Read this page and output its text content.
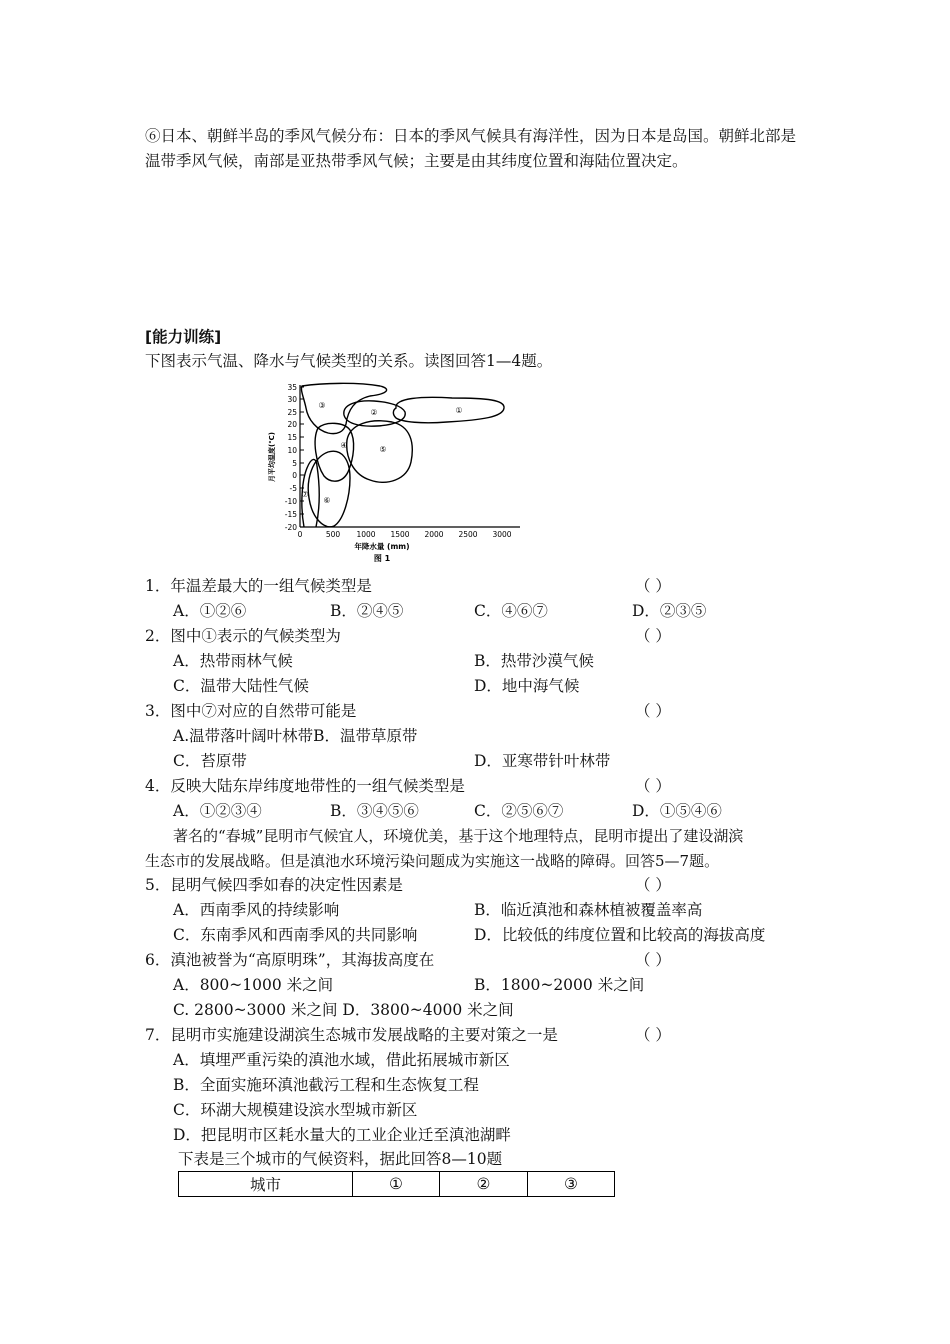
⑥日本、朝鲜半岛的季风气候分布：日本的季风气候具有海洋性，因为日本是岛国。朝鲜北部是温带季风气候，南部是亚热带季风气候；主要是由其纬度位置和海陆位置决定。
[能力训练]
下图表示气温、降水与气候类型的关系。读图回答1—4题。
35
30
25
20
15
10
5
0
-5
-10
-15
-20
0	500 1000 1500 2000 2500 3000
年降水量 (mm)
图 1
月平均温度(℃)
①
②
③
④	⑤
⑥
⑦
1．年温差最大的一组气候类型是	（ ）
A．①②⑥	B．②④⑤	C．④⑥⑦	D．②③⑤
2．图中①表示的气候类型为	（ ）
A．热带雨林气候	B．热带沙漠气候
C．温带大陆性气候	D．地中海气候
3．图中⑦对应的自然带可能是	（ ）
A.温带落叶阔叶林带B．温带草原带
C．苔原带	D．亚寒带针叶林带
4．反映大陆东岸纬度地带性的一组气候类型是	（ ）
A．①②③④	B．③④⑤⑥	C．②⑤⑥⑦	D．①⑤④⑥
著名的“春城”昆明市气候宜人，环境优美，基于这个地理特点，昆明市提出了建设湖滨
生态市的发展战略。但是滇池水环境污染问题成为实施这一战略的障碍。回答5—7题。
5．昆明气候四季如春的决定性因素是	（ ）
A．西南季风的持续影响	B．临近滇池和森林植被覆盖率高
C．东南季风和西南季风的共同影响	D．比较低的纬度位置和比较高的海拔高度
6．滇池被誉为“高原明珠”，其海拔高度在	（ ）
A．800~1000 米之间	B．1800~2000 米之间
C. 2800~3000 米之间 D．3800~4000 米之间
7．昆明市实施建设湖滨生态城市发展战略的主要对策之一是	（ ）
A．填埋严重污染的滇池水域，借此拓展城市新区
B．全面实施环滇池截污工程和生态恢复工程
C．环湖大规模建设滨水型城市新区
D．把昆明市区耗水量大的工业企业迁至滇池湖畔
下表是三个城市的气候资料，据此回答8—10题
城市	①	②	③
